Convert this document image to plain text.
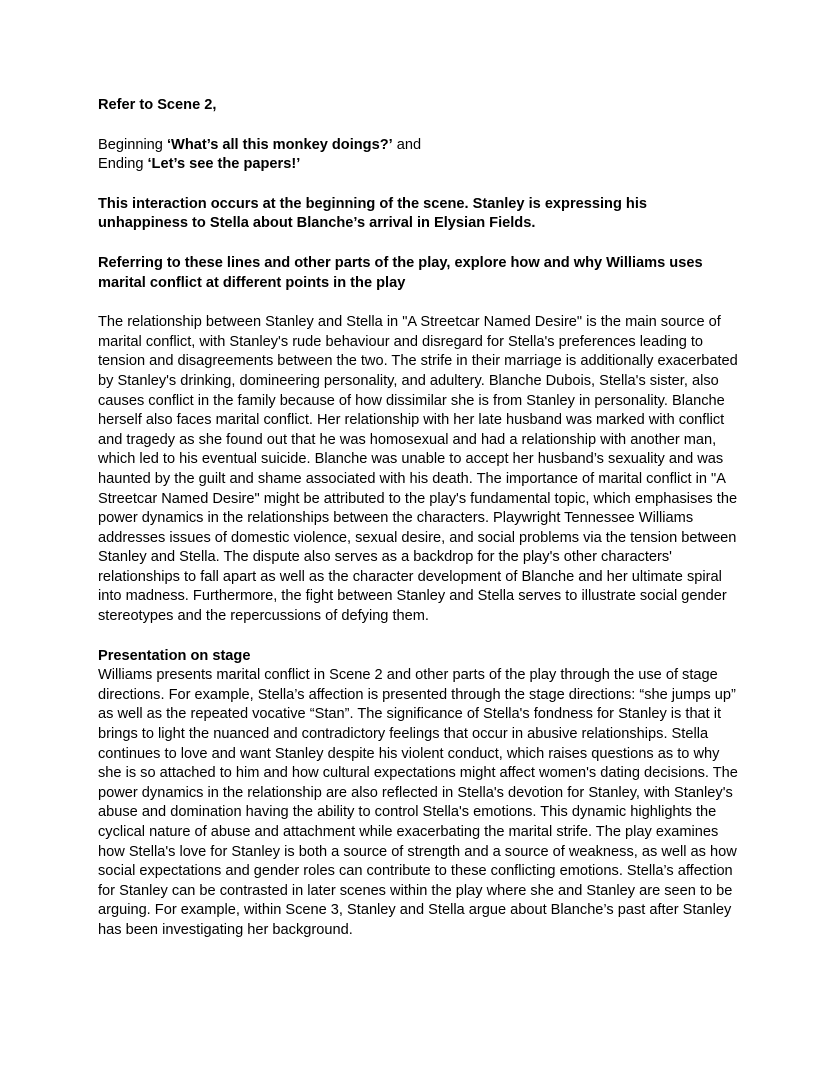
Refer to Scene 2,

Beginning ‘What’s all this monkey doings?’ and

Ending ‘Let’s see the papers!’

This interaction occurs at the beginning of the scene. Stanley is expressing his unhappiness to Stella about Blanche’s arrival in Elysian Fields.

Referring to these lines and other parts of the play, explore how and why Williams uses marital conflict at different points in the play

The relationship between Stanley and Stella in "A Streetcar Named Desire" is the main source of marital conflict, with Stanley's rude behaviour and disregard for Stella's preferences leading to tension and disagreements between the two. The strife in their marriage is additionally exacerbated by Stanley's drinking, domineering personality, and adultery. Blanche Dubois, Stella's sister, also causes conflict in the family because of how dissimilar she is from Stanley in personality. Blanche herself also faces marital conflict. Her relationship with her late husband was marked with conflict and tragedy as she found out that he was homosexual and had a relationship with another man, which led to his eventual suicide. Blanche was unable to accept her husband’s sexuality and was haunted by the guilt and shame associated with his death. The importance of marital conflict in "A Streetcar Named Desire" might be attributed to the play's fundamental topic, which emphasises the power dynamics in the relationships between the characters. Playwright Tennessee Williams addresses issues of domestic violence, sexual desire, and social problems via the tension between Stanley and Stella. The dispute also serves as a backdrop for the play's other characters' relationships to fall apart as well as the character development of Blanche and her ultimate spiral into madness. Furthermore, the fight between Stanley and Stella serves to illustrate social gender stereotypes and the repercussions of defying them.

Presentation on stage

Williams presents marital conflict in Scene 2 and other parts of the play through the use of stage directions. For example, Stella’s affection is presented through the stage directions: “she jumps up” as well as the repeated vocative “Stan”. The significance of Stella's fondness for Stanley is that it brings to light the nuanced and contradictory feelings that occur in abusive relationships. Stella continues to love and want Stanley despite his violent conduct, which raises questions as to why she is so attached to him and how cultural expectations might affect women's dating decisions. The power dynamics in the relationship are also reflected in Stella's devotion for Stanley, with Stanley's abuse and domination having the ability to control Stella's emotions. This dynamic highlights the cyclical nature of abuse and attachment while exacerbating the marital strife. The play examines how Stella's love for Stanley is both a source of strength and a source of weakness, as well as how social expectations and gender roles can contribute to these conflicting emotions. Stella’s affection for Stanley can be contrasted in later scenes within the play where she and Stanley are seen to be arguing. For example, within Scene 3, Stanley and Stella argue about Blanche’s past after Stanley has been investigating her background.
